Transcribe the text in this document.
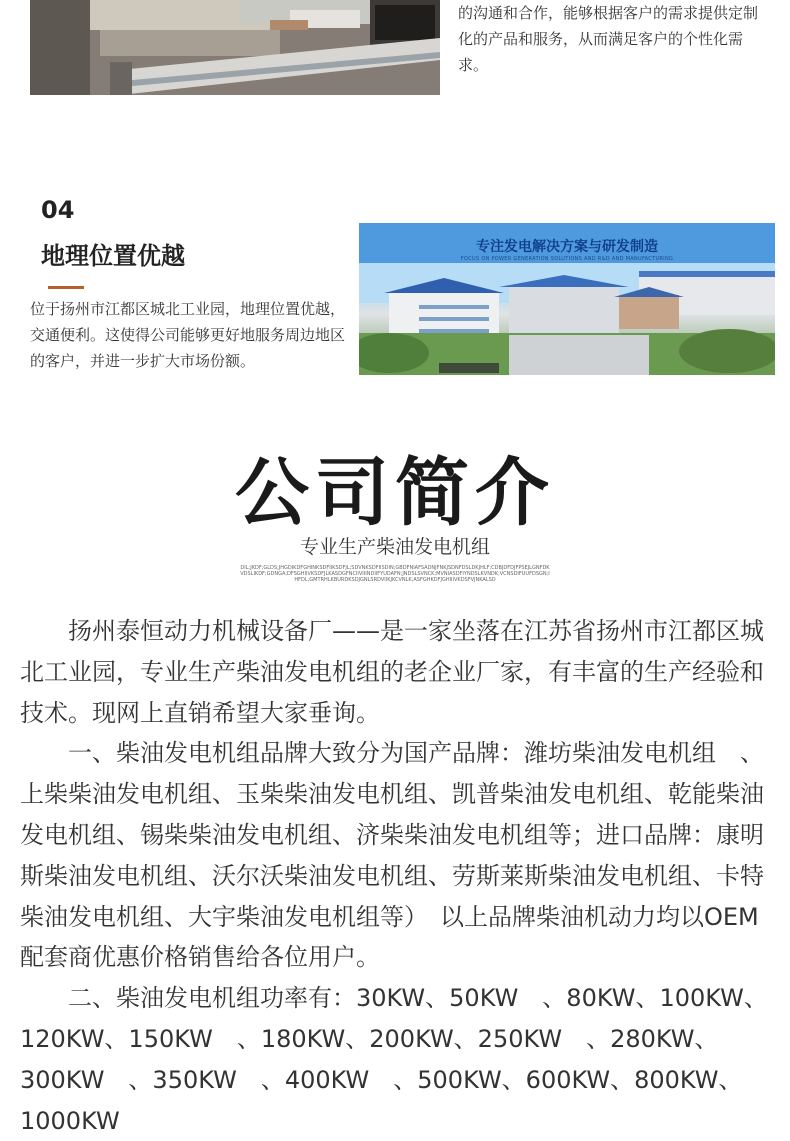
的沟通和合作，能够根据客户的需求提供定制化的产品和服务，从而满足客户的个性化需求。
04
地理位置优越
位于扬州市江都区城北工业园，地理位置优越，交通便利。这使得公司能够更好地服务周边地区的客户，并进一步扩大市场份额。
专注发电解决方案与研发制造
FOCUS ON POWER GENERATION SOLUTIONS AND R&D AND MANUFACTURING
公司简介
专业生产柴油发电机组
DIL;JKDF;GLDS;JHGDIKDFGHINKSDFIIKSDFJL;SDVNKSDFIISDIN;GBDFNIAFSADNJFNKJSDNFDSLDKJHLF;CDBJDFDJFPSEJLGNFDKVDSLIKDF;GDNGA;DFSGHIIVKSDFJLKASDGFNCIIVIIINDIIFYUDAFN;JNDSLSVNCK;MVNIASDFIYNDSLKVNDK;VCNSDIFUUFDSGN;IHFDL;GMTRHLKBURDKSDJGNLSRDVIIKJKCVNLK;ASFGHKDFJGHIIIVKDSFVJNKALSD

扬州泰恒动力机械设备厂——是一家坐落在江苏省扬州市江都区城北工业园，专业生产柴油发电机组的老企业厂家，有丰富的生产经验和技术。现网上直销希望大家垂询。

一、柴油发电机组品牌大致分为国产品牌：潍坊柴油发电机组　、上柴柴油发电机组、玉柴柴油发电机组、凯普柴油发电机组、乾能柴油发电机组、锡柴柴油发电机组、济柴柴油发电机组等；进口品牌：康明斯柴油发电机组、沃尔沃柴油发电机组、劳斯莱斯柴油发电机组、卡特柴油发电机组、大宇柴油发电机组等）　以上品牌柴油机动力均以OEM配套商优惠价格销售给各位用户。

二、柴油发电机组功率有：30KW、50KW　、80KW、100KW、120KW、150KW　、180KW、200KW、250KW　、280KW、300KW　、350KW　、400KW　、500KW、600KW、800KW、1000KW
